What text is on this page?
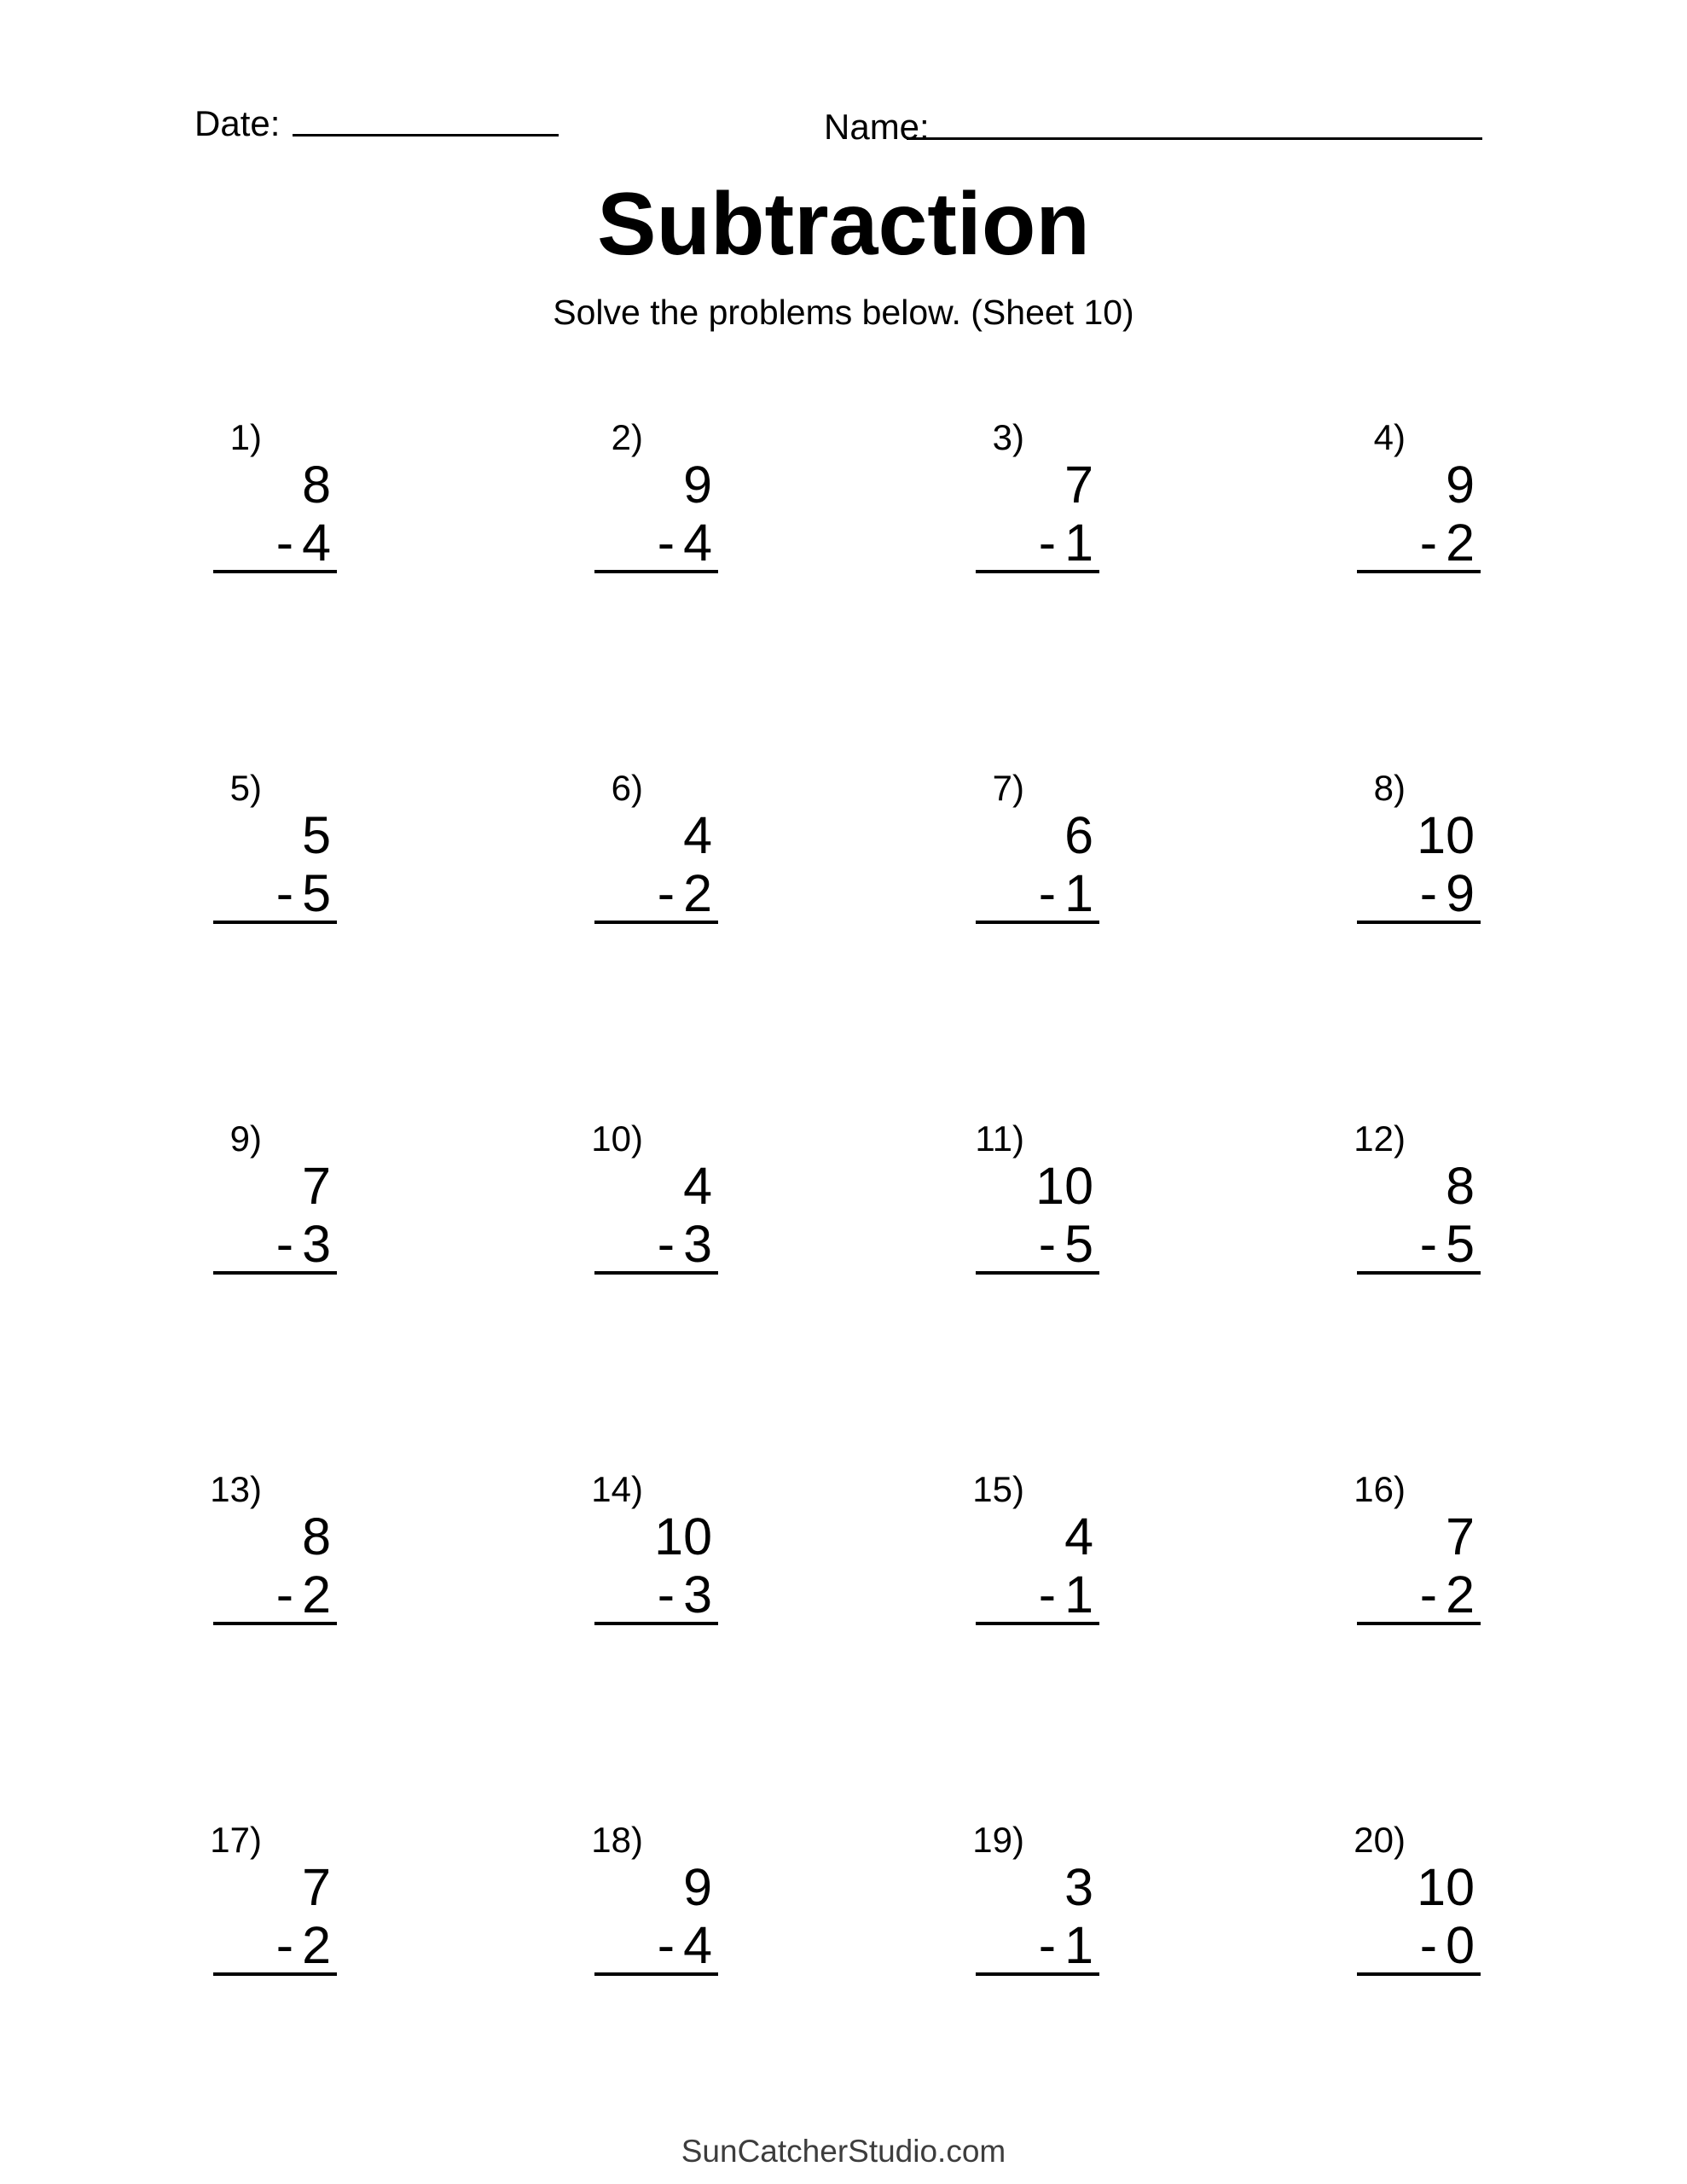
Date:	Name:
Subtraction
Solve the problems below. (Sheet 10)
1)
8
- 4
2)
9
- 4
3)
7
- 1
4)
9
- 2
5)
5
- 5
6)
4
- 2
7)
6
- 1
8)
10
- 9
9)
7
- 3
10)
4
- 3
11)
10
- 5
12)
8
- 5
13)
8
- 2
14)
10
- 3
15)
4
- 1
16)
7
- 2
17)
7
- 2
18)
9
- 4
19)
3
- 1
20)
10
- 0
SunCatcherStudio.com
